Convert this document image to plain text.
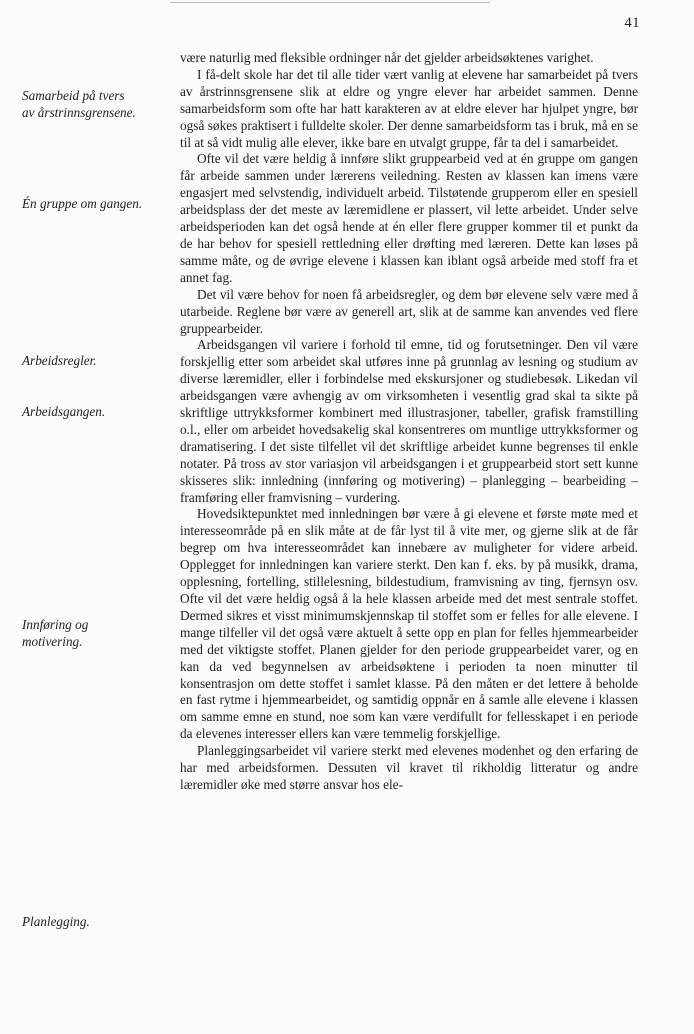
41
Samarbeid på tvers
av årstrinnsgrensene.
Én gruppe om gangen.
Arbeidsregler.
Arbeidsgangen.
Innføring og
motivering.
Planlegging.

være naturlig med fleksible ordninger når det gjelder arbeidsøktenes varighet.

I få-delt skole har det til alle tider vært vanlig at elevene har samarbeidet på tvers av årstrinnsgrensene slik at eldre og yngre elever har arbeidet sammen. Denne samarbeidsform som ofte har hatt karakteren av at eldre elever har hjulpet yngre, bør også søkes praktisert i fulldelte skoler. Der denne samarbeidsform tas i bruk, må en se til at så vidt mulig alle elever, ikke bare en utvalgt gruppe, får ta del i samarbeidet.

Ofte vil det være heldig å innføre slikt gruppearbeid ved at én gruppe om gangen får arbeide sammen under lærerens veiledning. Resten av klassen kan imens være engasjert med selvstendig, individuelt arbeid. Tilstøtende grupperom eller en spesiell arbeidsplass der det meste av læremidlene er plassert, vil lette arbeidet. Under selve arbeidsperioden kan det også hende at én eller flere grupper kommer til et punkt da de har behov for spesiell rettledning eller drøfting med læreren. Dette kan løses på samme måte, og de øvrige elevene i klassen kan iblant også arbeide med stoff fra et annet fag.

Det vil være behov for noen få arbeidsregler, og dem bør elevene selv være med å utarbeide. Reglene bør være av generell art, slik at de samme kan anvendes ved flere gruppearbeider.

Arbeidsgangen vil variere i forhold til emne, tid og forutsetninger. Den vil være forskjellig etter som arbeidet skal utføres inne på grunnlag av lesning og studium av diverse læremidler, eller i forbindelse med ekskursjoner og studiebesøk. Likedan vil arbeidsgangen være avhengig av om virksomheten i vesentlig grad skal ta sikte på skriftlige uttrykksformer kombinert med illustrasjoner, tabeller, grafisk framstilling o.l., eller om arbeidet hovedsakelig skal konsentreres om muntlige uttrykksformer og dramatisering. I det siste tilfellet vil det skriftlige arbeidet kunne begrenses til enkle notater. På tross av stor variasjon vil arbeidsgangen i et gruppearbeid stort sett kunne skisseres slik: innledning (innføring og motivering) – planlegging – bearbeiding – framføring eller framvisning – vurdering.

Hovedsiktepunktet med innledningen bør være å gi elevene et første møte med et interesseområde på en slik måte at de får lyst til å vite mer, og gjerne slik at de får begrep om hva interesseområdet kan innebære av muligheter for videre arbeid. Opplegget for innledningen kan variere sterkt. Den kan f. eks. by på musikk, drama, opplesning, fortelling, stillelesning, bildestudium, framvisning av ting, fjernsyn osv. Ofte vil det være heldig også å la hele klassen arbeide med det mest sentrale stoffet. Dermed sikres et visst minimumskjennskap til stoffet som er felles for alle elevene. I mange tilfeller vil det også være aktuelt å sette opp en plan for felles hjemmearbeider med det viktigste stoffet. Planen gjelder for den periode gruppearbeidet varer, og en kan da ved begynnelsen av arbeidsøktene i perioden ta noen minutter til konsentrasjon om dette stoffet i samlet klasse. På den måten er det lettere å beholde en fast rytme i hjemmearbeidet, og samtidig oppnår en å samle alle elevene i klassen om samme emne en stund, noe som kan være verdifullt for fellesskapet i en periode da elevenes interesser ellers kan være temmelig forskjellige.

Planleggingsarbeidet vil variere sterkt med elevenes modenhet og den erfaring de har med arbeidsformen. Dessuten vil kravet til rikholdig litteratur og andre læremidler øke med større ansvar hos ele-
